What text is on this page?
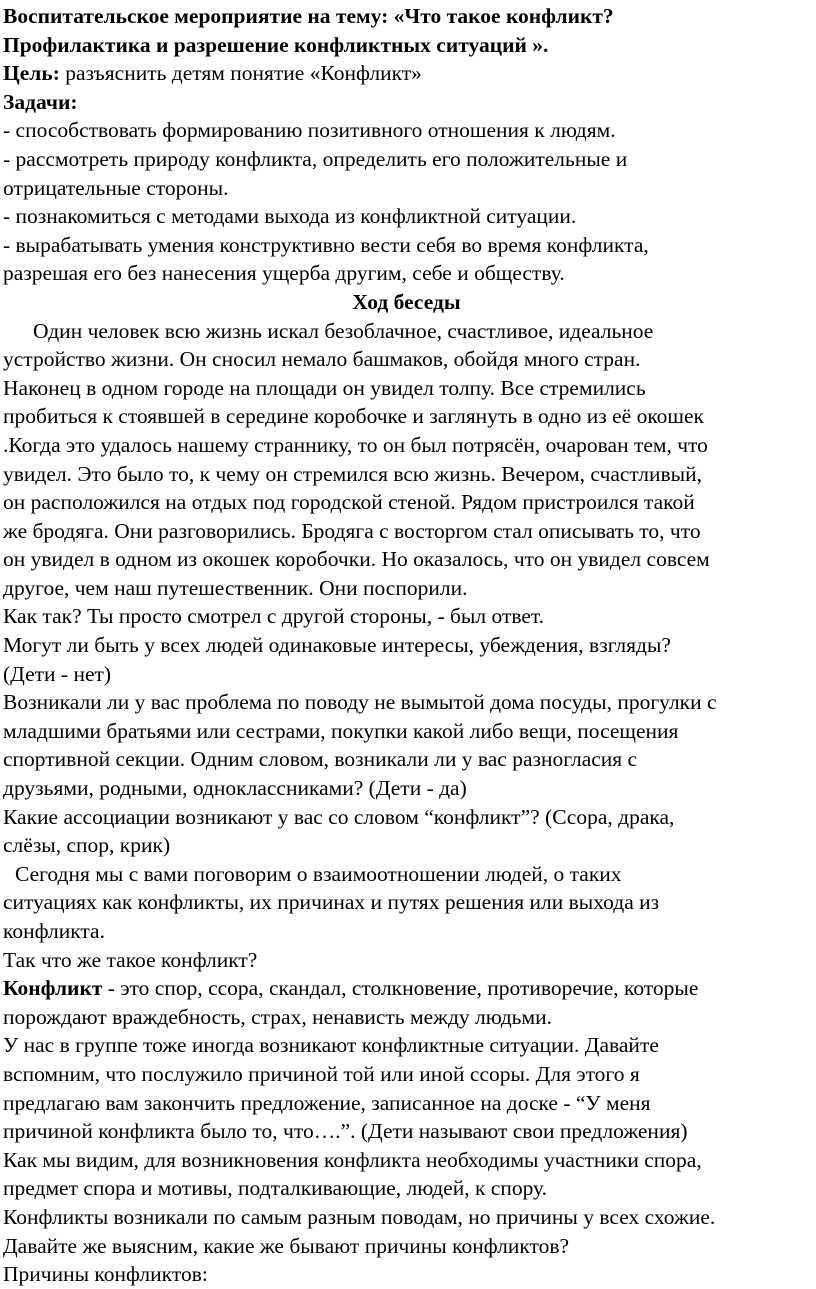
Воспитательское мероприятие на тему: «Что такое конфликт?
Профилактика и разрешение конфликтных ситуаций ».
Цель: разъяснить детям понятие «Конфликт»
Задачи:
- способствовать формированию позитивного отношения к людям.
- рассмотреть природу конфликта, определить его положительные и
отрицательные стороны.
- познакомиться с методами выхода из конфликтной ситуации.
- вырабатывать умения конструктивно вести себя во время конфликта,
разрешая его без нанесения ущерба другим, себе и обществу.
Ход беседы
Один человек всю жизнь искал безоблачное, счастливое, идеальное
устройство жизни. Он сносил немало башмаков, обойдя много стран.
Наконец в одном городе на площади он увидел толпу. Все стремились
пробиться к стоявшей в середине коробочке и заглянуть в одно из её окошек
.Когда это удалось нашему страннику, то он был потрясён, очарован тем, что
увидел. Это было то, к чему он стремился всю жизнь. Вечером, счастливый,
он расположился на отдых под городской стеной. Рядом пристроился такой
же бродяга. Они разговорились. Бродяга с восторгом стал описывать то, что
он увидел в одном из окошек коробочки. Но оказалось, что он увидел совсем
другое, чем наш путешественник. Они поспорили.
Как так? Ты просто смотрел с другой стороны, - был ответ.
Могут ли быть у всех людей одинаковые интересы, убеждения, взгляды?
(Дети - нет)
Возникали ли у вас проблема по поводу не вымытой дома посуды, прогулки с
младшими братьями или сестрами, покупки какой либо вещи, посещения
спортивной секции. Одним словом, возникали ли у вас разногласия с
друзьями, родными, одноклассниками? (Дети - да)
Какие ассоциации возникают у вас со словом “конфликт”? (Ссора, драка,
слёзы, спор, крик)
Сегодня мы с вами поговорим о взаимоотношении людей, о таких
ситуациях как конфликты, их причинах и путях решения или выхода из
конфликта.
Так что же такое конфликт?
Конфликт - это спор, ссора, скандал, столкновение, противоречие, которые
порождают враждебность, страх, ненависть между людьми.
У нас в группе тоже иногда возникают конфликтные ситуации. Давайте
вспомним, что послужило причиной той или иной ссоры. Для этого я
предлагаю вам закончить предложение, записанное на доске - “У меня
причиной конфликта было то, что….”. (Дети называют свои предложения)
Как мы видим, для возникновения конфликта необходимы участники спора,
предмет спора и мотивы, подталкивающие, людей, к спору.
Конфликты возникали по самым разным поводам, но причины у всех схожие.
Давайте же выясним, какие же бывают причины конфликтов?
Причины конфликтов:
